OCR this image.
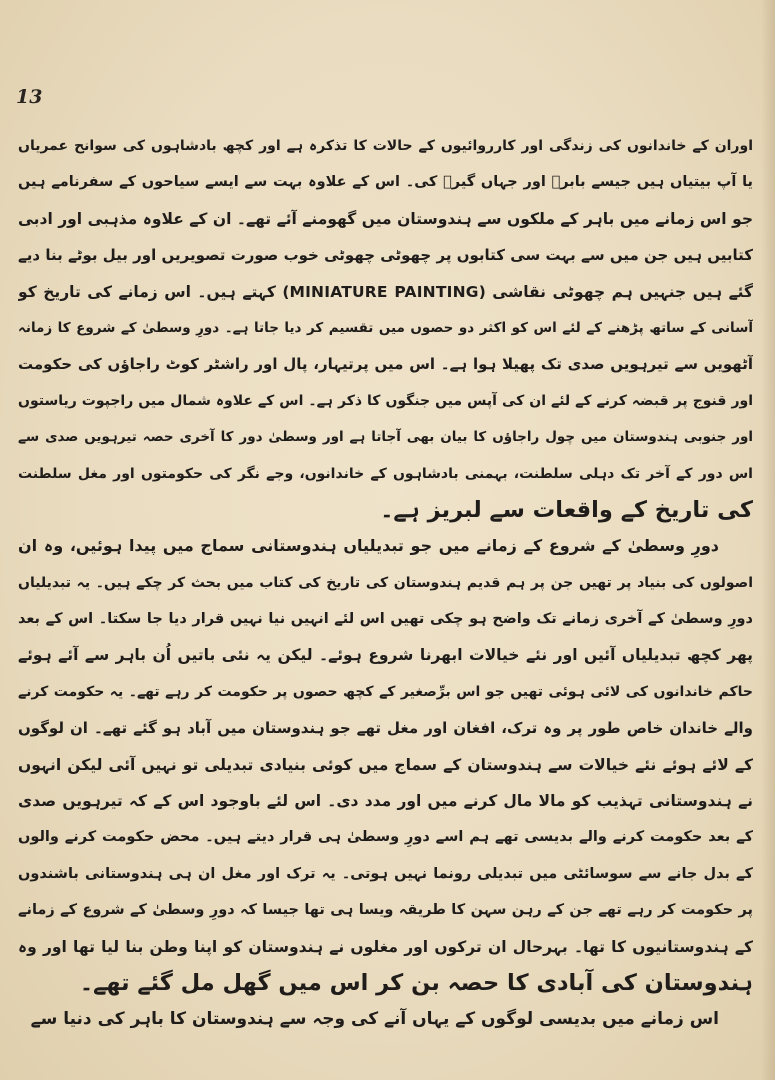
13
اوران کے خاندانوں کی زندگی اور کارروائیوں کے حالات کا تذکرہ ہے اور کچھ بادشاہوں کی سوانح عمریاں
یا آپ بیتیاں ہیں جیسے بابرؔ اور جہاں گیرؔ کی۔ اس کے علاوہ بہت سے ایسے سیاحوں کے سفرنامے ہیں
جو اس زمانے میں باہر کے ملکوں سے ہندوستان میں گھومنے آئے تھے۔ ان کے علاوہ مذہبی اور ادبی
کتابیں ہیں جن میں سے بہت سی کتابوں پر چھوٹی چھوٹی خوب صورت تصویریں اور بیل بوٹے بنا دیے
گئے ہیں جنہیں ہم چھوٹی نقاشی (MINIATURE PAINTING) کہتے ہیں۔ اس زمانے کی تاریخ کو
آسانی کے ساتھ پڑھنے کے لئے اس کو اکثر دو حصوں میں تقسیم کر دیا جاتا ہے۔ دورِ وسطیٰ کے شروع کا زمانہ
آٹھویں سے تیرہویں صدی تک پھیلا ہوا ہے۔ اس میں پرتیہار، پال اور راشٹر کوٹ راجاؤں کی حکومت
اور قنوج پر قبضہ کرنے کے لئے ان کی آپس میں جنگوں کا ذکر ہے۔ اس کے علاوہ شمال میں راجپوت ریاستوں
اور جنوبی ہندوستان میں چول راجاؤں کا بیان بھی آجاتا ہے اور وسطیٰ دور کا آخری حصہ تیرہویں صدی سے
اس دور کے آخر تک دہلی سلطنت، بہمنی بادشاہوں کے خاندانوں، وجے نگر کی حکومتوں اور مغل سلطنت
کی تاریخ کے واقعات سے لبریز ہے۔
دورِ وسطیٰ کے شروع کے زمانے میں جو تبدیلیاں ہندوستانی سماج میں پیدا ہوئیں، وہ ان
اصولوں کی بنیاد پر تھیں جن پر ہم قدیم ہندوستان کی تاریخ کی کتاب میں بحث کر چکے ہیں۔ یہ تبدیلیاں
دورِ وسطیٰ کے آخری زمانے تک واضح ہو چکی تھیں اس لئے انہیں نیا نہیں قرار دیا جا سکتا۔ اس کے بعد
پھر کچھ تبدیلیاں آئیں اور نئے خیالات ابھرنا شروع ہوئے۔ لیکن یہ نئی باتیں اُن باہر سے آئے ہوئے
حاکم خاندانوں کی لائی ہوئی تھیں جو اس برِّصغیر کے کچھ حصوں پر حکومت کر رہے تھے۔ یہ حکومت کرنے
والے خاندان خاص طور پر وہ ترک، افغان اور مغل تھے جو ہندوستان میں آباد ہو گئے تھے۔ ان لوگوں
کے لائے ہوئے نئے خیالات سے ہندوستان کے سماج میں کوئی بنیادی تبدیلی تو نہیں آئی لیکن انہوں
نے ہندوستانی تہذیب کو مالا مال کرنے میں اور مدد دی۔ اس لئے باوجود اس کے کہ تیرہویں صدی
کے بعد حکومت کرنے والے بدیسی تھے ہم اسے دورِ وسطیٰ ہی قرار دیتے ہیں۔ محض حکومت کرنے والوں
کے بدل جانے سے سوسائٹی میں تبدیلی رونما نہیں ہوتی۔ یہ ترک اور مغل ان ہی ہندوستانی باشندوں
پر حکومت کر رہے تھے جن کے رہن سہن کا طریقہ ویسا ہی تھا جیسا کہ دورِ وسطیٰ کے شروع کے زمانے
کے ہندوستانیوں کا تھا۔ بہرحال ان ترکوں اور مغلوں نے ہندوستان کو اپنا وطن بنا لیا تھا اور وہ
ہندوستان کی آبادی کا حصہ بن کر اس میں گھل مل گئے تھے۔
اس زمانے میں بدیسی لوگوں کے یہاں آنے کی وجہ سے ہندوستان کا باہر کی دنیا سے
